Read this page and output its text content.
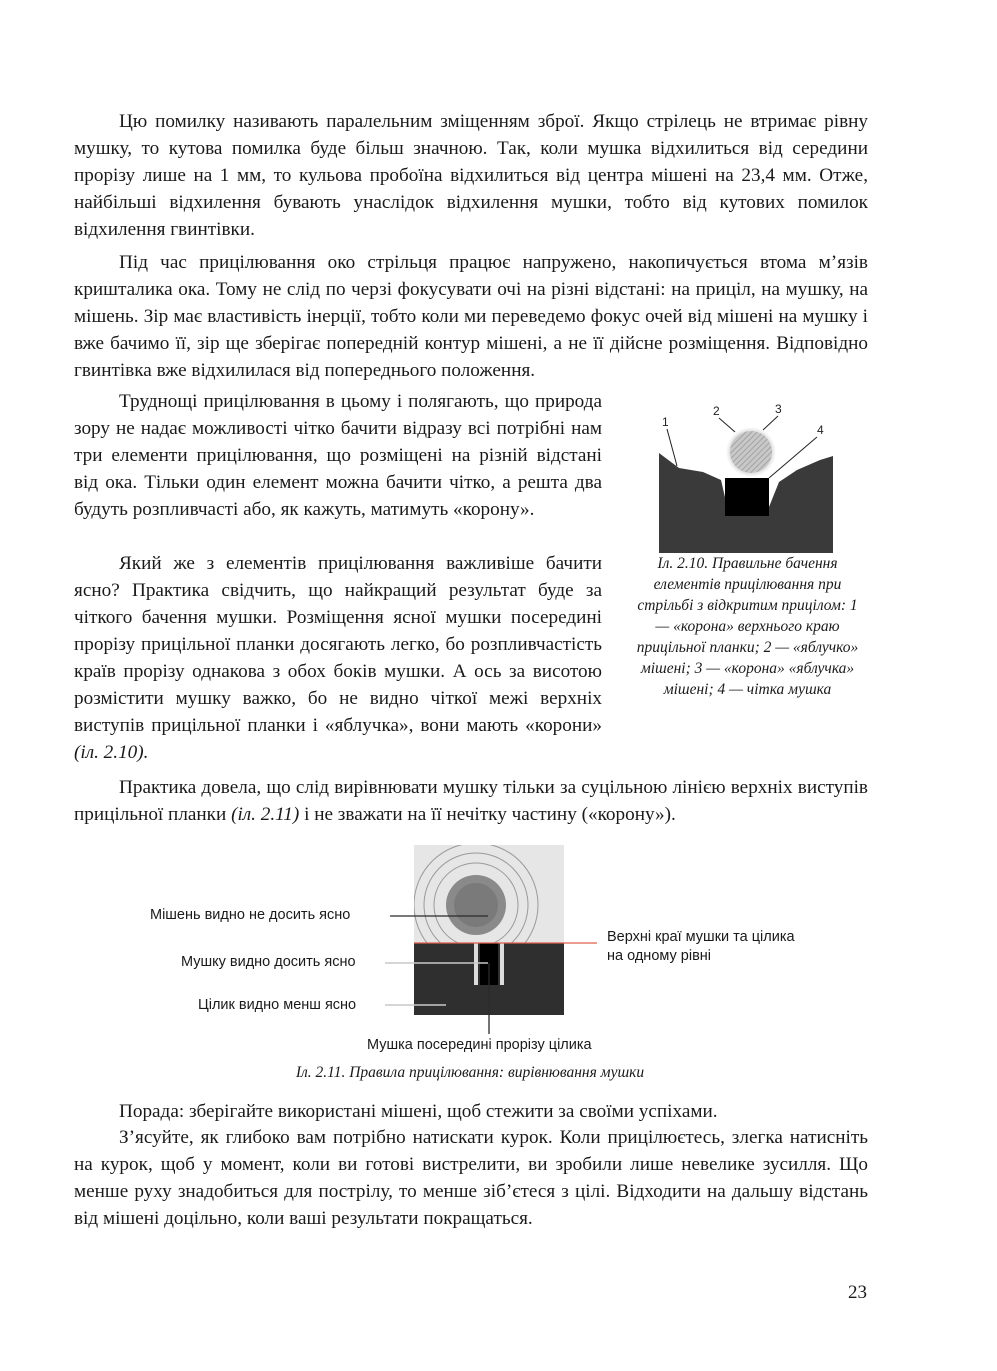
Цю помилку називають паралельним зміщенням зброї. Якщо стрілець не втримає рівну мушку, то кутова помилка буде більш значною. Так, коли мушка відхилиться від середини прорізу лише на 1 мм, то кульова пробоїна відхилиться від центра мішені на 23,4 мм. Отже, найбільші відхилення бувають унаслідок відхилення мушки, тобто від кутових помилок відхилення гвинтівки.

Під час прицілювання око стрільця працює напружено, накопичується втома м’язів кришталика ока. Тому не слід по черзі фокусувати очі на різні відстані: на приціл, на мушку, на мішень. Зір має властивість інерції, тобто коли ми переведемо фокус очей від мішені на мушку і вже бачимо її, зір ще зберігає попередній контур мішені, а не її дійсне розміщення. Відповідно гвинтівка вже відхилилася від попереднього положення.

Труднощі прицілювання в цьому і полягають, що природа зору не надає можливості чітко бачити відразу всі потрібні нам три елементи прицілювання, що розміщені на різній відстані від ока. Тільки один елемент можна бачити чітко, а решта два будуть розпливчасті або, як кажуть, матимуть «корону».

Який же з елементів прицілювання важливіше бачити ясно? Практика свідчить, що найкращий результат буде за чіткого бачення мушки. Розміщення ясної мушки посередині прорізу прицільної планки досягають легко, бо розпливчастість країв прорізу однакова з обох боків мушки. А ось за висотою розмістити мушку важко, бо не видно чіткої межі верхніх виступів прицільної планки і «яблучка», вони мають «корони» (іл. 2.10).

Практика довела, що слід вирівнювати мушку тільки за суцільною лінією верхніх виступів прицільної планки (іл. 2.11) і не зважати на її нечітку частину («корону»).

1
2	3
4
Іл. 2.10. Правильне бачення елементів прицілювання при стрільбі з відкритим прицілом: 1 — «корона» верхнього краю прицільної планки; 2 — «яблучко» мішені; 3 — «корона» «яблучка» мішені; 4 — чітка мушка
Мішень видно не досить ясно
Мушку видно досить ясно
Цілик видно менш ясно
Верхні краї мушки та цілика
на одному рівні
Мушка посередині прорізу цілика
Іл. 2.11. Правила прицілювання: вирівнювання мушки

Порада: зберігайте використані мішені, щоб стежити за своїми успіхами.

З’ясуйте, як глибоко вам потрібно натискати курок. Коли прицілюєтесь, злегка натисніть на курок, щоб у момент, коли ви готові вистрелити, ви зробили лише невелике зусилля. Що менше руху знадобиться для пострілу, то менше зіб’єтеся з цілі. Відходити на дальшу відстань від мішені доцільно, коли ваші результати покращаться.

23
